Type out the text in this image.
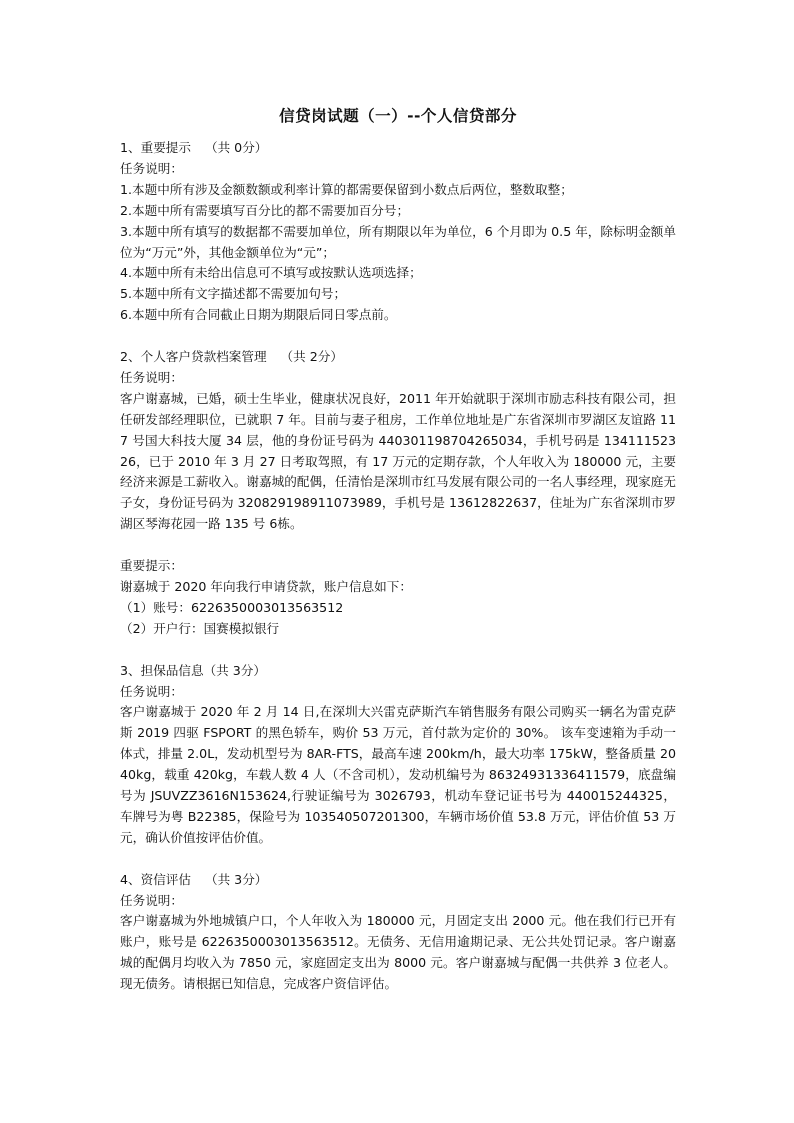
信贷岗试题（一）--个人信贷部分
1、重要提示 （共 0分）
任务说明：
1.本题中所有涉及金额数额或利率计算的都需要保留到小数点后两位，整数取整；
2.本题中所有需要填写百分比的都不需要加百分号；
3.本题中所有填写的数据都不需要加单位，所有期限以年为单位，6 个月即为 0.5 年，除标明金额单位为“万元”外，其他金额单位为“元”；
4.本题中所有未给出信息可不填写或按默认选项选择；
5.本题中所有文字描述都不需要加句号；
6.本题中所有合同截止日期为期限后同日零点前。
2、个人客户贷款档案管理 （共 2分）
任务说明：
客户谢嘉城，已婚，硕士生毕业，健康状况良好，2011 年开始就职于深圳市励志科技有限公司，担任研发部经理职位，已就职 7 年。目前与妻子租房，工作单位地址是广东省深圳市罗湖区友谊路 117 号国大科技大厦 34 层，他的身份证号码为 440301198704265034，手机号码是 13411152326，已于 2010 年 3 月 27 日考取驾照，有 17 万元的定期存款，个人年收入为 180000 元，主要经济来源是工薪收入。谢嘉城的配偶，任清怡是深圳市红马发展有限公司的一名人事经理，现家庭无子女，身份证号码为 320829198911073989，手机号是 13612822637，住址为广东省深圳市罗湖区琴海花园一路 135 号 6栋。
重要提示：
谢嘉城于 2020 年向我行申请贷款，账户信息如下：
（1）账号：6226350003013563512
（2）开户行：国赛模拟银行
3、担保品信息（共 3分）
任务说明：
客户谢嘉城于 2020 年 2 月 14 日,在深圳大兴雷克萨斯汽车销售服务有限公司购买一辆名为雷克萨斯 2019 四驱 FSPORT 的黑色轿车，购价 53 万元，首付款为定价的 30%。 该车变速箱为手动一体式，排量 2.0L，发动机型号为 8AR-FTS，最高车速 200km/h，最大功率 175kW，整备质量 2040kg，载重 420kg，车载人数 4 人（不含司机），发动机编号为 86324931336411579，底盘编号为 JSUVZZ3616N153624,行驶证编号为 3026793，机动车登记证书号为 440015244325，车牌号为粤 B22385，保险号为 103540507201300，车辆市场价值 53.8 万元，评估价值 53 万元，确认价值按评估价值。
4、资信评估 （共 3分）
任务说明：
客户谢嘉城为外地城镇户口，个人年收入为 180000 元，月固定支出 2000 元。他在我们行已开有账户，账号是 6226350003013563512。无债务、无信用逾期记录、无公共处罚记录。客户谢嘉城的配偶月均收入为 7850 元，家庭固定支出为 8000 元。客户谢嘉城与配偶一共供养 3 位老人。现无债务。请根据已知信息，完成客户资信评估。
